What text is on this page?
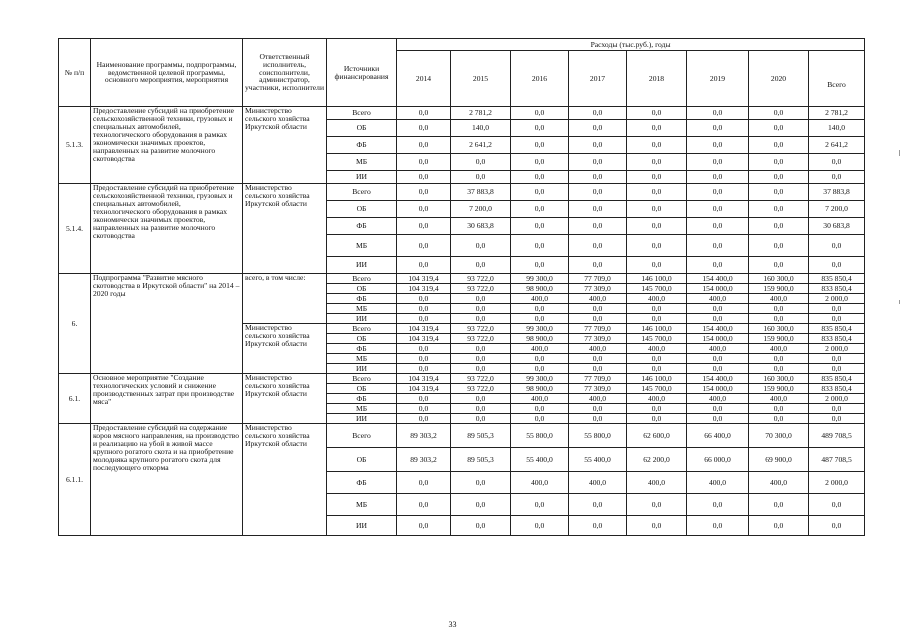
№ п/п	Наименование программы, подпрограммы, ведомственной целевой программы, основного мероприятия, мероприятия	Ответственный исполнитель, соисполнители, администратор, участники, исполнители	Источники финансирования	Расходы (тыс.руб.), годы							
				2014	2015	2016	2017	2018	2019	2020	Всего
5.1.3.	Предоставление субсидий на приобретение сельскохозяйственной техники, грузовых и специальных автомобилей, технологического оборудования в рамках экономически значимых проектов, направленных на развитие молочного скотоводства	Министерство сельского хозяйства Иркутской области	Всего	0,0	2 781,2	0,0	0,0	0,0	0,0	0,0	2 781,2
			ОБ	0,0	140,0	0,0	0,0	0,0	0,0	0,0	140,0
			ФБ	0,0	2 641,2	0,0	0,0	0,0	0,0	0,0	2 641,2
			МБ	0,0	0,0	0,0	0,0	0,0	0,0	0,0	0,0
			ИИ	0,0	0,0	0,0	0,0	0,0	0,0	0,0	0,0
5.1.4.	Предоставление субсидий на приобретение сельскохозяйственной техники, грузовых и специальных автомобилей, технологического оборудования в рамках экономически значимых проектов, направленных на развитие молочного скотоводства	Министерство сельского хозяйства Иркутской области	Всего	0,0	37 883,8	0,0	0,0	0,0	0,0	0,0	37 883,8
			ОБ	0,0	7 200,0	0,0	0,0	0,0	0,0	0,0	7 200,0
			ФБ	0,0	30 683,8	0,0	0,0	0,0	0,0	0,0	30 683,8
			МБ	0,0	0,0	0,0	0,0	0,0	0,0	0,0	0,0
			ИИ	0,0	0,0	0,0	0,0	0,0	0,0	0,0	0,0
6.	Подпрограмма "Развитие мясного скотоводства в Иркутской области" на 2014 – 2020 годы	всего, в том числе:	Всего	104 319,4	93 722,0	99 300,0	77 709,0	146 100,0	154 400,0	160 300,0	835 850,4
			ОБ	104 319,4	93 722,0	98 900,0	77 309,0	145 700,0	154 000,0	159 900,0	833 850,4
			ФБ	0,0	0,0	400,0	400,0	400,0	400,0	400,0	2 000,0
			МБ	0,0	0,0	0,0	0,0	0,0	0,0	0,0	0,0
			ИИ	0,0	0,0	0,0	0,0	0,0	0,0	0,0	0,0
		Министерство сельского хозяйства Иркутской области	Всего	104 319,4	93 722,0	99 300,0	77 709,0	146 100,0	154 400,0	160 300,0	835 850,4
			ОБ	104 319,4	93 722,0	98 900,0	77 309,0	145 700,0	154 000,0	159 900,0	833 850,4
			ФБ	0,0	0,0	400,0	400,0	400,0	400,0	400,0	2 000,0
			МБ	0,0	0,0	0,0	0,0	0,0	0,0	0,0	0,0
			ИИ	0,0	0,0	0,0	0,0	0,0	0,0	0,0	0,0
6.1.	Основное мероприятие "Создание технологических условий и снижение производственных затрат при производстве мяса"	Министерство сельского хозяйства Иркутской области	Всего	104 319,4	93 722,0	99 300,0	77 709,0	146 100,0	154 400,0	160 300,0	835 850,4
			ОБ	104 319,4	93 722,0	98 900,0	77 309,0	145 700,0	154 000,0	159 900,0	833 850,4
			ФБ	0,0	0,0	400,0	400,0	400,0	400,0	400,0	2 000,0
			МБ	0,0	0,0	0,0	0,0	0,0	0,0	0,0	0,0
			ИИ	0,0	0,0	0,0	0,0	0,0	0,0	0,0	0,0
6.1.1.	Предоставление субсидий на содержание коров мясного направления, на производство и реализацию на убой в живой массе крупного рогатого скота и на приобретение молодняка крупного рогатого скота для последующего откорма	Министерство сельского хозяйства Иркутской области	Всего	89 303,2	89 505,3	55 800,0	55 800,0	62 600,0	66 400,0	70 300,0	489 708,5
			ОБ	89 303,2	89 505,3	55 400,0	55 400,0	62 200,0	66 000,0	69 900,0	487 708,5
			ФБ	0,0	0,0	400,0	400,0	400,0	400,0	400,0	2 000,0
			МБ	0,0	0,0	0,0	0,0	0,0	0,0	0,0	0,0
			ИИ	0,0	0,0	0,0	0,0	0,0	0,0	0,0	0,0
33
